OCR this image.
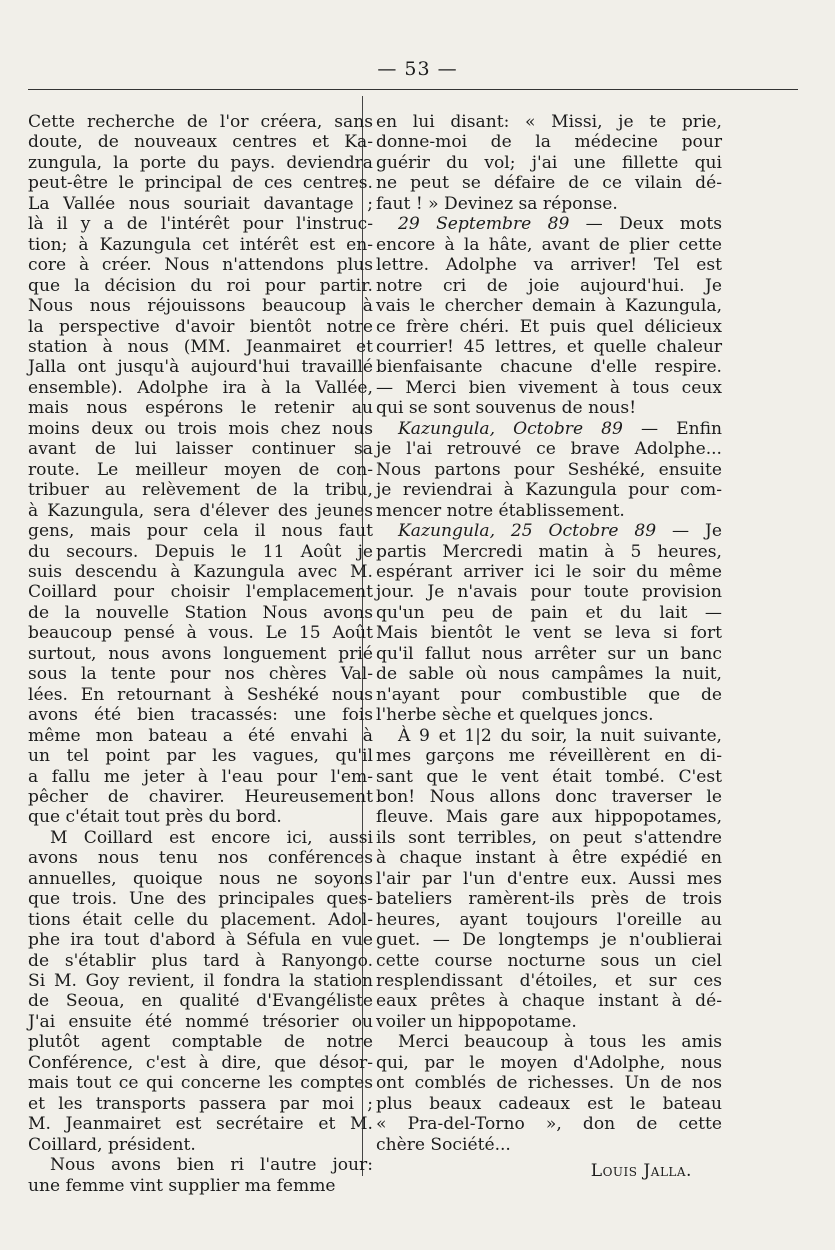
— 53 —

Cette recherche de l'or créera, sans
doute, de nouveaux centres et Ka-
zungula, la porte du pays. deviendra
peut-être le principal de ces centres.
La Vallée nous souriait davantage ;
là il y a de l'intérêt pour l'instruc-
tion; à Kazungula cet intérêt est en-
core à créer. Nous n'attendons plus
que la décision du roi pour partir.
Nous nous réjouissons beaucoup à
la perspective d'avoir bientôt notre
station à nous (MM. Jeanmairet et
Jalla ont jusqu'à aujourd'hui travaillé
ensemble). Adolphe ira à la Vallée,
mais nous espérons le retenir au
moins deux ou trois mois chez nous
avant de lui laisser continuer sa
route. Le meilleur moyen de con-
tribuer au relèvement de la tribu,
à Kazungula, sera d'élever des jeunes
gens, mais pour cela il nous faut
du secours. Depuis le 11 Août je
suis descendu à Kazungula avec M.
Coillard pour choisir l'emplacement
de la nouvelle Station Nous avons
beaucoup pensé à vous. Le 15 Août
surtout, nous avons longuement prié
sous la tente pour nos chères Val-
lées. En retournant à Seshéké nous
avons été bien tracassés: une fois
même mon bateau a été envahi à
un tel point par les vagues, qu'il
a fallu me jeter à l'eau pour l'em-
pêcher de chavirer. Heureusement
que c'était tout près du bord.

M Coillard est encore ici, aussi
avons nous tenu nos conférences
annuelles, quoique nous ne soyons
que trois. Une des principales ques-
tions était celle du placement. Adol-
phe ira tout d'abord à Séfula en vue
de s'établir plus tard à Ranyongo.
Si M. Goy revient, il fondra la station
de Seoua, en qualité d'Evangéliste
J'ai ensuite été nommé trésorier ou
plutôt agent comptable de notre
Conférence, c'est à dire, que désor-
mais tout ce qui concerne les comptes
et les transports passera par moi ;
M. Jeanmairet est secrétaire et M.
Coillard, président.

Nous avons bien ri l'autre jour:
une femme vint supplier ma femme

en lui disant: « Missi, je te prie,
donne-moi de la médecine pour
guérir du vol; j'ai une fillette qui
ne peut se défaire de ce vilain dé-
faut ! » Devinez sa réponse.

29 Septembre 89 — Deux mots
encore à la hâte, avant de plier cette
lettre. Adolphe va arriver! Tel est
notre cri de joie aujourd'hui. Je
vais le chercher demain à Kazungula,
ce frère chéri. Et puis quel délicieux
courrier! 45 lettres, et quelle chaleur
bienfaisante chacune d'elle respire.
— Merci bien vivement à tous ceux
qui se sont souvenus de nous!

Kazungula, Octobre 89 — Enfin
je l'ai retrouvé ce brave Adolphe...
Nous partons pour Seshéké, ensuite
je reviendrai à Kazungula pour com-
mencer notre établissement.

Kazungula, 25 Octobre 89 — Je
partis Mercredi matin à 5 heures,
espérant arriver ici le soir du même
jour. Je n'avais pour toute provision
qu'un peu de pain et du lait —
Mais bientôt le vent se leva si fort
qu'il fallut nous arrêter sur un banc
de sable où nous campâmes la nuit,
n'ayant pour combustible que de
l'herbe sèche et quelques joncs.

À 9 et 1|2 du soir, la nuit suivante,
mes garçons me réveillèrent en di-
sant que le vent était tombé. C'est
bon! Nous allons donc traverser le
fleuve. Mais gare aux hippopotames,
ils sont terribles, on peut s'attendre
à chaque instant à être expédié en
l'air par l'un d'entre eux. Aussi mes
bateliers ramèrent-ils près de trois
heures, ayant toujours l'oreille au
guet. — De longtemps je n'oublierai
cette course nocturne sous un ciel
resplendissant d'étoiles, et sur ces
eaux prêtes à chaque instant à dé-
voiler un hippopotame.

Merci beaucoup à tous les amis
qui, par le moyen d'Adolphe, nous
ont comblés de richesses. Un de nos
plus beaux cadeaux est le bateau
« Pra-del-Torno », don de cette
chère Société...

Louis Jalla.
